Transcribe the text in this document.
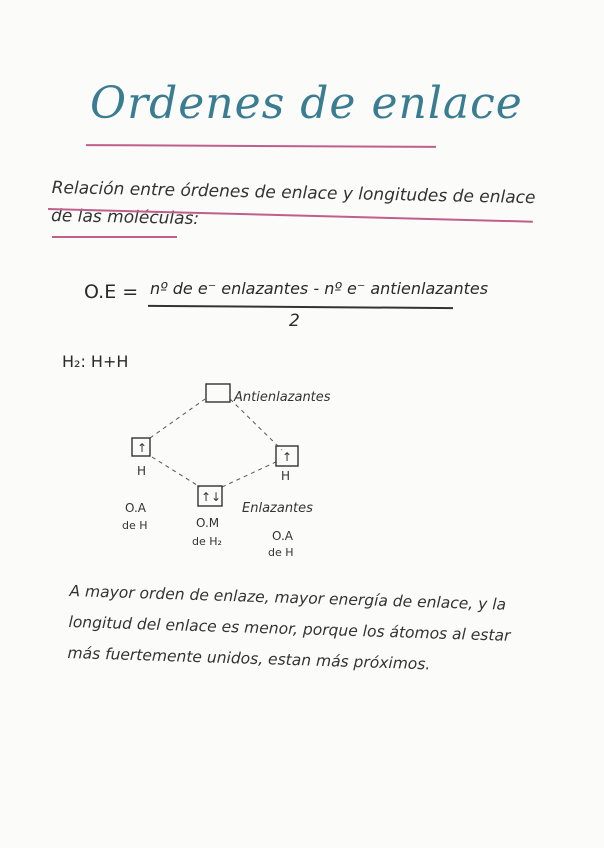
Ordenes de enlace
Relación entre órdenes de enlace y longitudes de enlace de las moléculas:
O.E = nº de e⁻ enlazantes - nº e⁻ antienlazantes
2
H₂: H+H
Antienlazantes
↑
H
O.A
de H
↑
H
O.A
de H
↑↓
Enlazantes
O.M
de H₂
A mayor orden de enlaze, mayor energía de enlace, y la longitud del enlace es menor, porque los átomos al estar más fuertemente unidos, estan más próximos.
